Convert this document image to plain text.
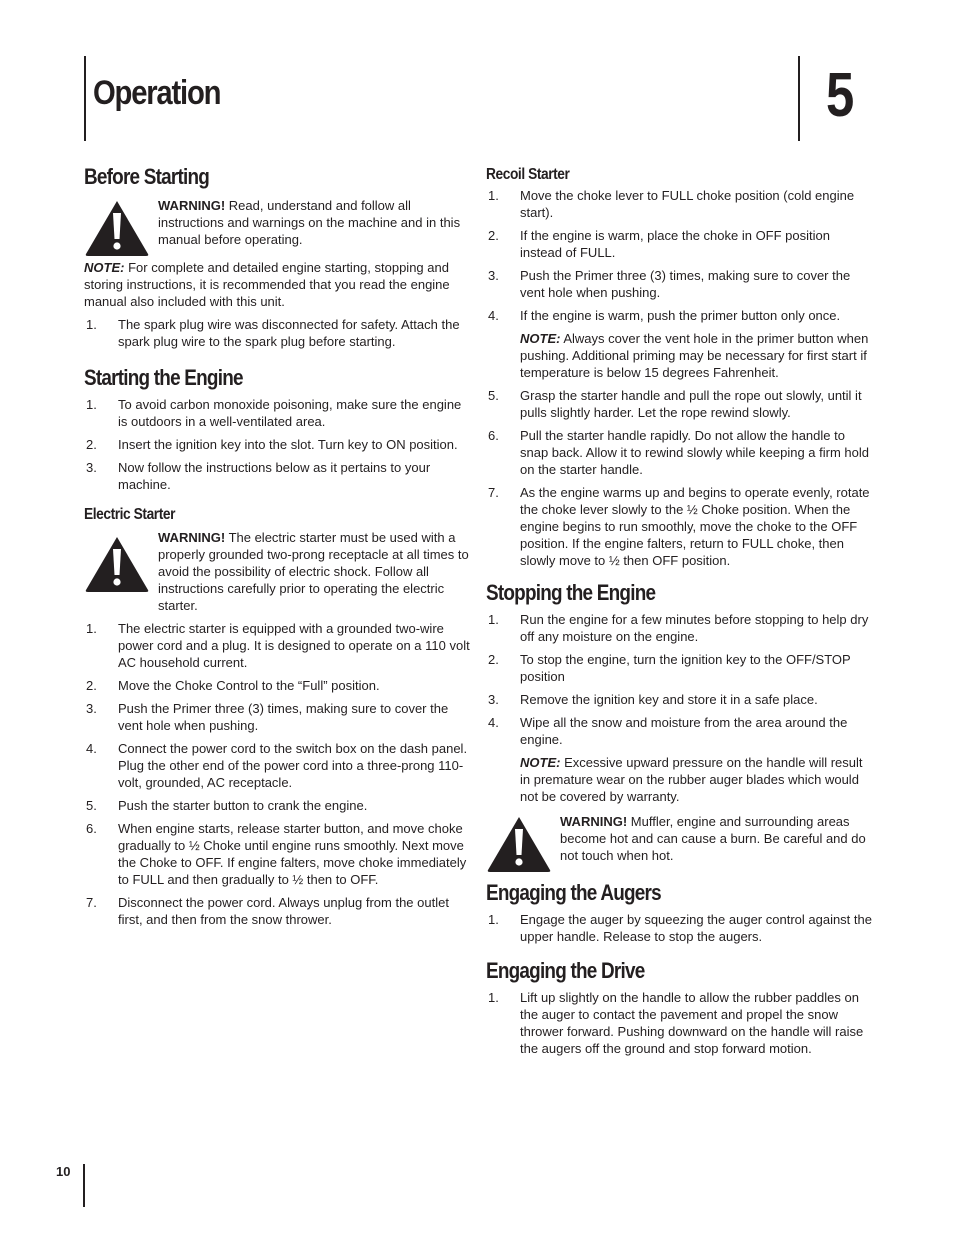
Operation	5
Before Starting

WARNING! Read, understand and follow all instructions and warnings on the machine and in this manual before operating.

NOTE: For complete and detailed engine starting, stopping and storing instructions, it is recommended that you read the engine manual also included with this unit.

1. The spark plug wire was disconnected for safety. Attach the spark plug wire to the spark plug before starting.
Starting the Engine
1. To avoid carbon monoxide poisoning, make sure the engine is outdoors in a well-ventilated area.
2. Insert the ignition key into the slot. Turn key to ON position.
3. Now follow the instructions below as it pertains to your machine.
Electric Starter

WARNING! The electric starter must be used with a properly grounded two-prong receptacle at all times to avoid the possibility of electric shock. Follow all instructions carefully prior to operating the electric starter.

1. The electric starter is equipped with a grounded two-wire power cord and a plug. It is designed to operate on a 110 volt AC household current.
2. Move the Choke Control to the “Full” position.
3. Push the Primer three (3) times, making sure to cover the vent hole when pushing.
4. Connect the power cord to the switch box on the dash panel. Plug the other end of the power cord into a three-prong 110-volt, grounded, AC receptacle.
5. Push the starter button to crank the engine.
6. When engine starts, release starter button, and move choke gradually to ½ Choke until engine runs smoothly. Next move the Choke to OFF. If engine falters, move choke immediately to FULL and then gradually to ½ then to OFF.
7. Disconnect the power cord. Always unplug from the outlet first, and then from the snow thrower.
Recoil Starter
1. Move the choke lever to FULL choke position (cold engine start).
2. If the engine is warm, place the choke in OFF position instead of FULL.
3. Push the Primer three (3) times, making sure to cover the vent hole when pushing.
4. If the engine is warm, push the primer button only once.

NOTE: Always cover the vent hole in the primer button when pushing. Additional priming may be necessary for first start if temperature is below 15 degrees Fahrenheit.

5. Grasp the starter handle and pull the rope out slowly, until it pulls slightly harder. Let the rope rewind slowly.
6. Pull the starter handle rapidly. Do not allow the handle to snap back. Allow it to rewind slowly while keeping a firm hold on the starter handle.
7. As the engine warms up and begins to operate evenly, rotate the choke lever slowly to the ½ Choke position. When the engine begins to run smoothly, move the choke to the OFF position. If the engine falters, return to FULL choke, then slowly move to ½ then OFF position.
Stopping the Engine
1. Run the engine for a few minutes before stopping to help dry off any moisture on the engine.
2. To stop the engine, turn the ignition key to the OFF/STOP position
3. Remove the ignition key and store it in a safe place.
4. Wipe all the snow and moisture from the area around the engine.

NOTE: Excessive upward pressure on the handle will result in premature wear on the rubber auger blades which would not be covered by warranty.

WARNING! Muffler, engine and surrounding areas become hot and can cause a burn. Be careful and do not touch when hot.

Engaging the Augers
1. Engage the auger by squeezing the auger control against the upper handle. Release to stop the augers.
Engaging the Drive
1. Lift up slightly on the handle to allow the rubber paddles on the auger to contact the pavement and propel the snow thrower forward. Pushing downward on the handle will raise the augers off the ground and stop forward motion.
10
